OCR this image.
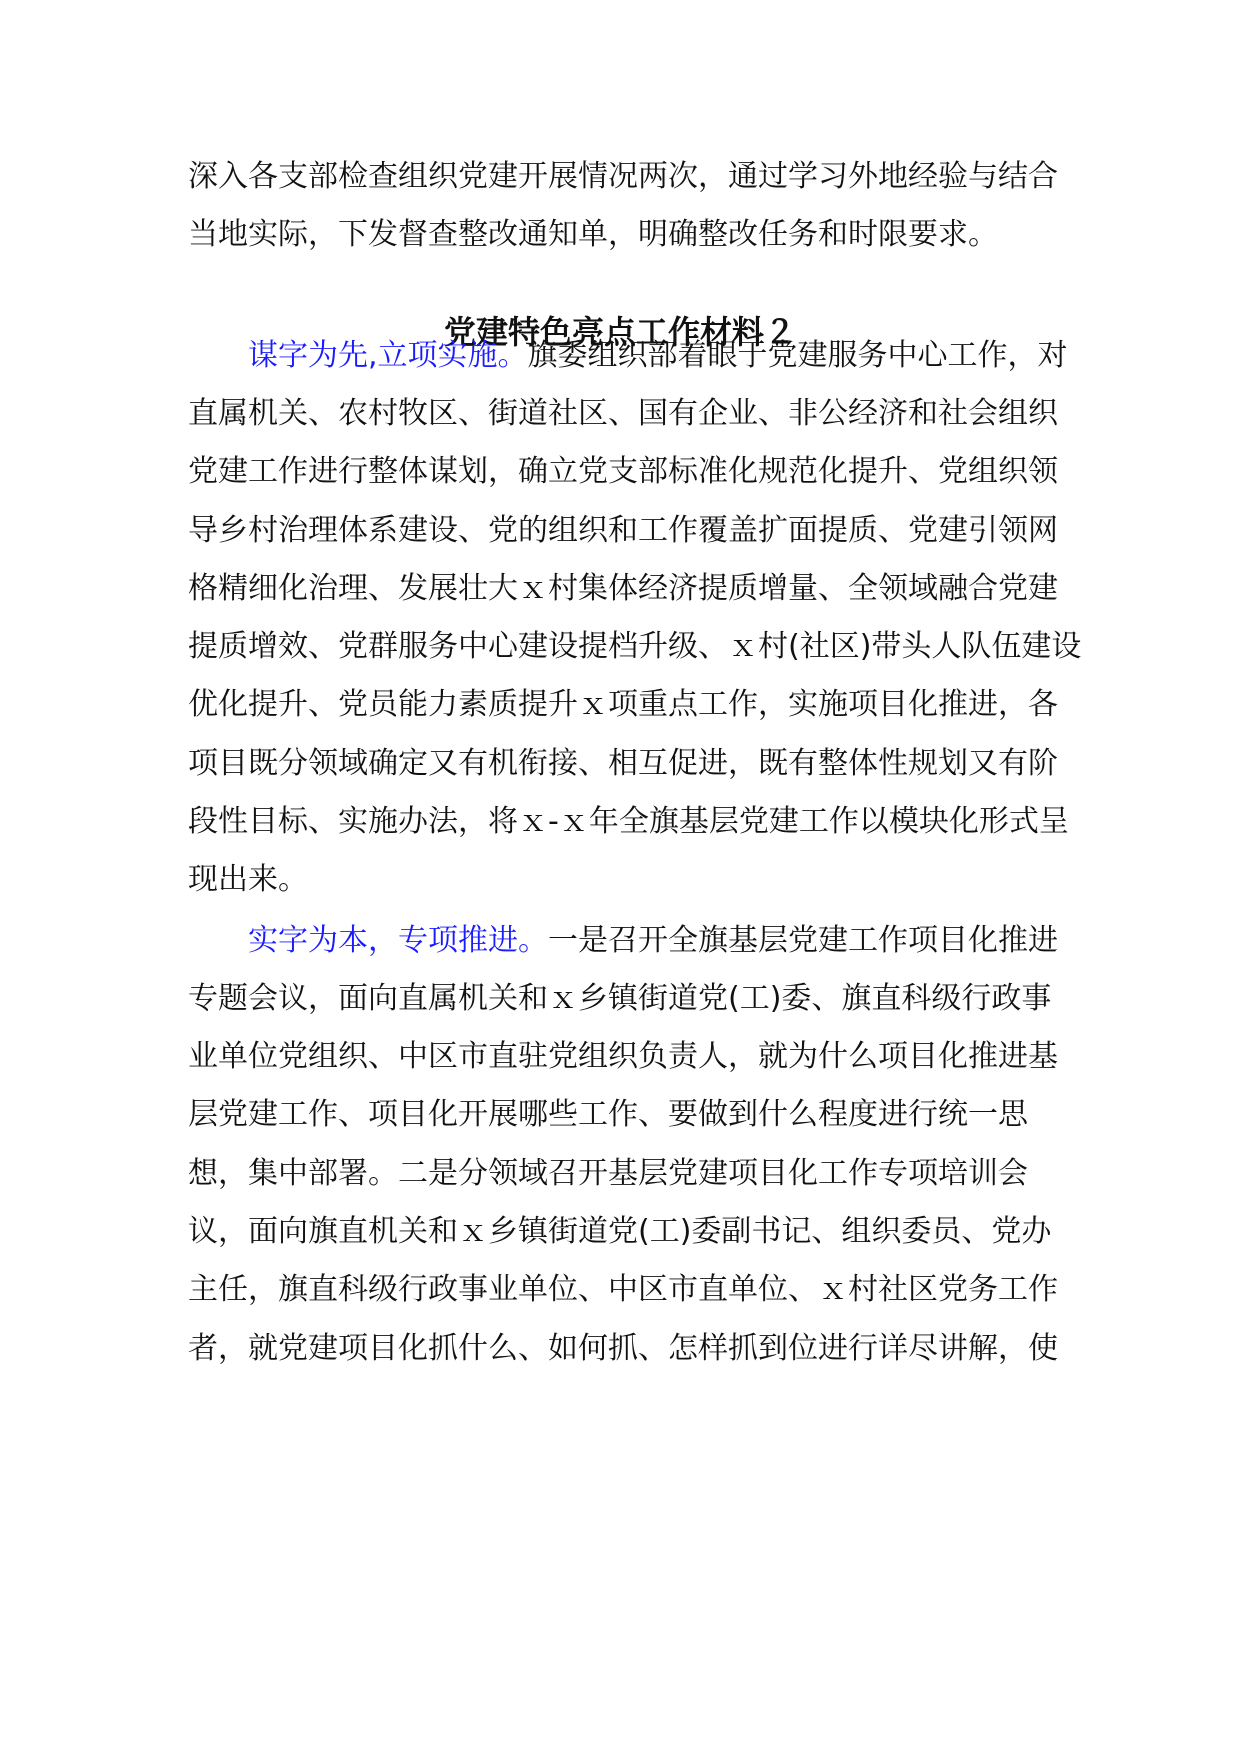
深入各支部检查组织党建开展情况两次，通过学习外地经验与结合

当地实际，下发督查整改通知单，明确整改任务和时限要求。

党建特色亮点工作材料２

谋字为先,立项实施。旗委组织部着眼于党建服务中心工作，对

直属机关、农村牧区、街道社区、国有企业、非公经济和社会组织

党建工作进行整体谋划，确立党支部标准化规范化提升、党组织领

导乡村治理体系建设、党的组织和工作覆盖扩面提质、党建引领网

格精细化治理、发展壮大ｘ村集体经济提质增量、全领域融合党建

提质增效、党群服务中心建设提档升级、ｘ村(社区)带头人队伍建设

优化提升、党员能力素质提升ｘ项重点工作，实施项目化推进，各

项目既分领域确定又有机衔接、相互促进，既有整体性规划又有阶

段性目标、实施办法，将ｘ-ｘ年全旗基层党建工作以模块化形式呈

现出来。

实字为本，专项推进。一是召开全旗基层党建工作项目化推进

专题会议，面向直属机关和ｘ乡镇街道党(工)委、旗直科级行政事

业单位党组织、中区市直驻党组织负责人，就为什么项目化推进基

层党建工作、项目化开展哪些工作、要做到什么程度进行统一思

想，集中部署。二是分领域召开基层党建项目化工作专项培训会

议，面向旗直机关和ｘ乡镇街道党(工)委副书记、组织委员、党办

主任，旗直科级行政事业单位、中区市直单位、ｘ村社区党务工作

者，就党建项目化抓什么、如何抓、怎样抓到位进行详尽讲解，使
